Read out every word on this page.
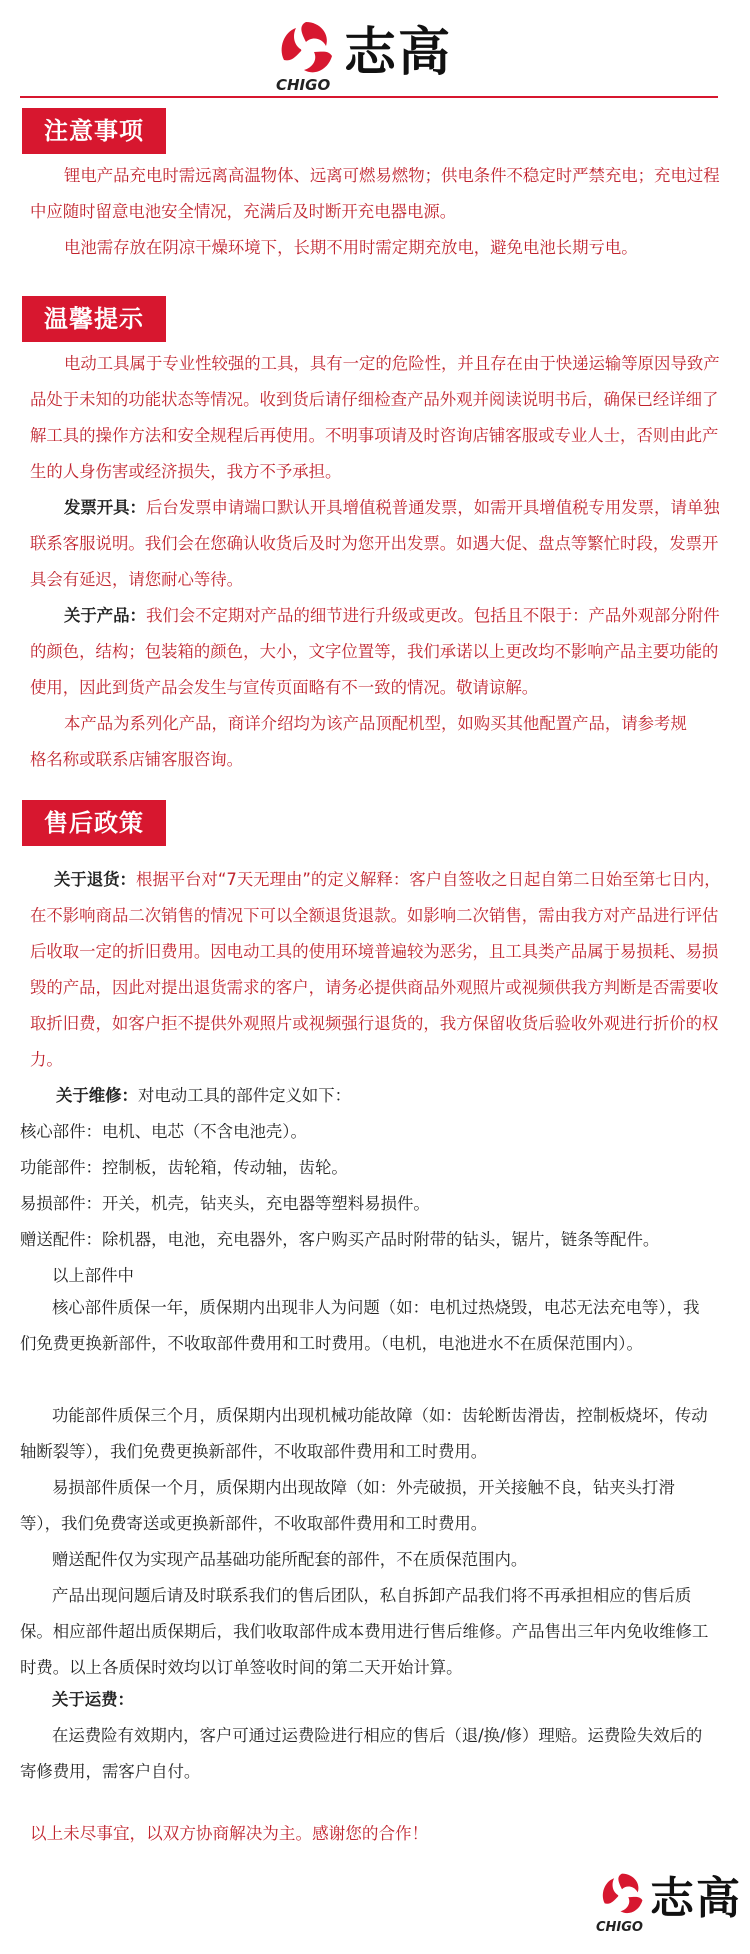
CHIGO
志高
注意事项
锂电产品充电时需远离高温物体、远离可燃易燃物；供电条件不稳定时严禁充电；充电过程中应随时留意电池安全情况，充满后及时断开充电器电源。
电池需存放在阴凉干燥环境下，长期不用时需定期充放电，避免电池长期亏电。
温馨提示
电动工具属于专业性较强的工具，具有一定的危险性，并且存在由于快递运输等原因导致产品处于未知的功能状态等情况。收到货后请仔细检查产品外观并阅读说明书后，确保已经详细了解工具的操作方法和安全规程后再使用。不明事项请及时咨询店铺客服或专业人士，否则由此产生的人身伤害或经济损失，我方不予承担。
发票开具：后台发票申请端口默认开具增值税普通发票，如需开具增值税专用发票，请单独联系客服说明。我们会在您确认收货后及时为您开出发票。如遇大促、盘点等繁忙时段，发票开具会有延迟，请您耐心等待。
关于产品：我们会不定期对产品的细节进行升级或更改。包括且不限于：产品外观部分附件的颜色，结构；包装箱的颜色，大小，文字位置等，我们承诺以上更改均不影响产品主要功能的使用，因此到货产品会发生与宣传页面略有不一致的情况。敬请谅解。
本产品为系列化产品，商详介绍均为该产品顶配机型，如购买其他配置产品，请参考规格名称或联系店铺客服咨询。
售后政策
关于退货：根据平台对“7天无理由”的定义解释：客户自签收之日起自第二日始至第七日内，在不影响商品二次销售的情况下可以全额退货退款。如影响二次销售，需由我方对产品进行评估后收取一定的折旧费用。因电动工具的使用环境普遍较为恶劣，且工具类产品属于易损耗、易损毁的产品，因此对提出退货需求的客户，请务必提供商品外观照片或视频供我方判断是否需要收取折旧费，如客户拒不提供外观照片或视频强行退货的，我方保留收货后验收外观进行折价的权力。
关于维修：对电动工具的部件定义如下：
核心部件：电机、电芯（不含电池壳）。
功能部件：控制板，齿轮箱，传动轴，齿轮。
易损部件：开关，机壳，钻夹头，充电器等塑料易损件。
赠送配件：除机器，电池，充电器外，客户购买产品时附带的钻头，锯片，链条等配件。
以上部件中
核心部件质保一年，质保期内出现非人为问题（如：电机过热烧毁，电芯无法充电等），我们免费更换新部件，不收取部件费用和工时费用。（电机，电池进水不在质保范围内）。
功能部件质保三个月，质保期内出现机械功能故障（如：齿轮断齿滑齿，控制板烧坏，传动轴断裂等），我们免费更换新部件，不收取部件费用和工时费用。
易损部件质保一个月，质保期内出现故障（如：外壳破损，开关接触不良，钻夹头打滑等），我们免费寄送或更换新部件，不收取部件费用和工时费用。
赠送配件仅为实现产品基础功能所配套的部件，不在质保范围内。
产品出现问题后请及时联系我们的售后团队，私自拆卸产品我们将不再承担相应的售后质保。相应部件超出质保期后，我们收取部件成本费用进行售后维修。产品售出三年内免收维修工时费。以上各质保时效均以订单签收时间的第二天开始计算。
关于运费：
在运费险有效期内，客户可通过运费险进行相应的售后（退/换/修）理赔。运费险失效后的寄修费用，需客户自付。
以上未尽事宜，以双方协商解决为主。感谢您的合作！
CHIGO
志高
